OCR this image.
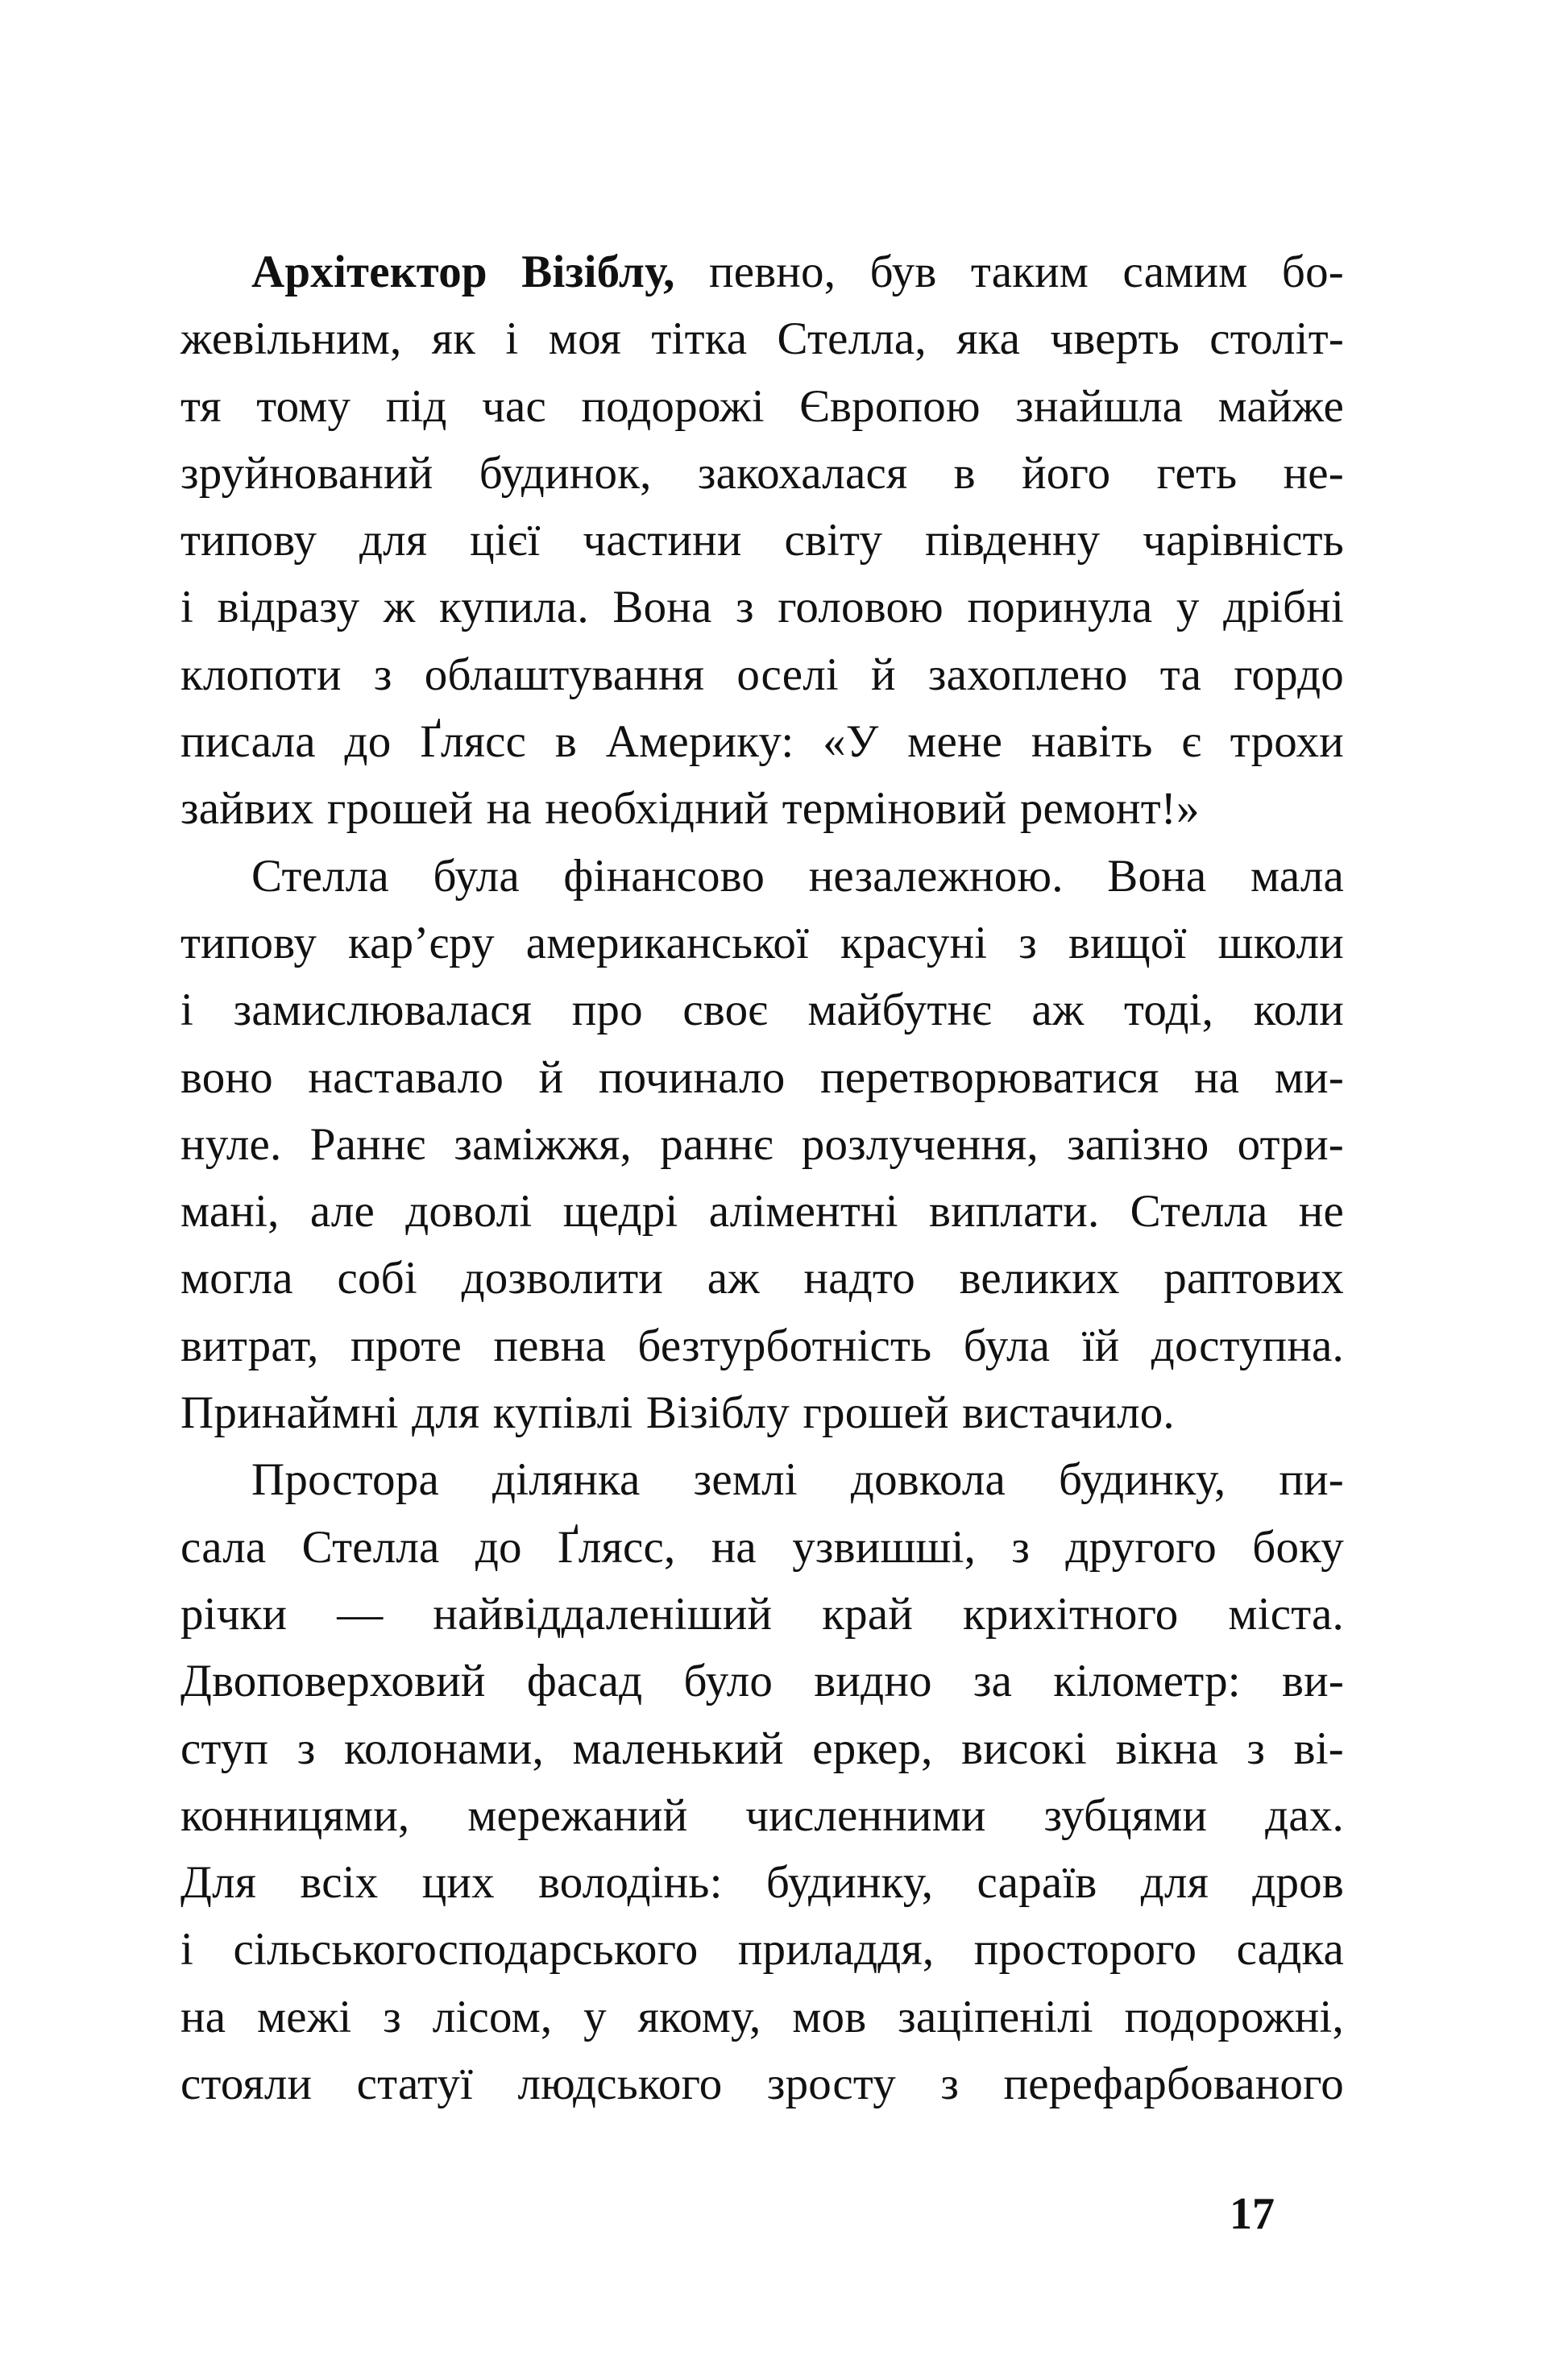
Архітектор Візіблу, певно, був таким самим бо-
жевільним, як і моя тітка Стелла, яка чверть століт-
тя тому під час подорожі Європою знайшла майже
зруйнований будинок, закохалася в його геть не-
типову для цієї частини світу південну чарівність
і відразу ж купила. Вона з головою поринула у дрібні
клопоти з облаштування оселі й захоплено та гордо
писала до Ґлясс в Америку: «У мене навіть є трохи
зайвих грошей на необхідний терміновий ремонт!»
Стелла була фінансово незалежною. Вона мала
типову кар’єру американської красуні з вищої школи
і замислювалася про своє майбутнє аж тоді, коли
воно наставало й починало перетворюватися на ми-
нуле. Раннє заміжжя, раннє розлучення, запізно отри-
мані, але доволі щедрі аліментні виплати. Стелла не
могла собі дозволити аж надто великих раптових
витрат, проте певна безтурботність була їй доступна.
Принаймні для купівлі Візіблу грошей вистачило.
Простора ділянка землі довкола будинку, пи-
сала Стелла до Ґлясс, на узвишші, з другого боку
річки — найвіддаленіший край крихітного міста.
Двоповерховий фасад було видно за кілометр: ви-
ступ з колонами, маленький еркер, високі вікна з ві-
конницями, мережаний численними зубцями дах.
Для всіх цих володінь: будинку, сараїв для дров
і сільськогосподарського приладдя, просторого садка
на межі з лісом, у якому, мов заціпенілі подорожні,
стояли статуї людського зросту з перефарбованого
17
